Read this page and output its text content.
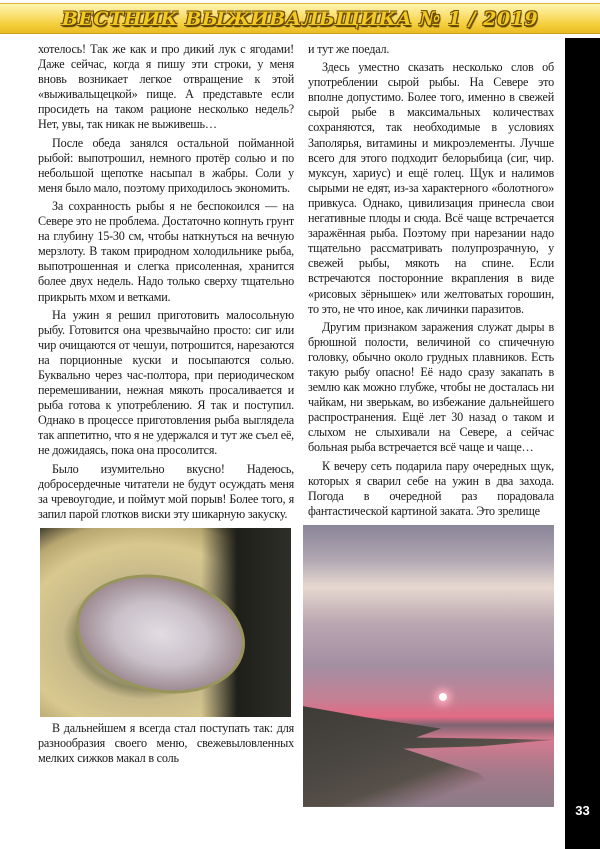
ВЕСТНИК ВЫЖИВАЛЬЩИКА № 1 / 2019
33

хотелось! Так же как и про дикий лук с ягодами! Даже сейчас, когда я пишу эти строки, у меня вновь возникает легкое отвращение к этой «выживальщецкой» пище. А представьте если просидеть на таком рационе несколько недель? Нет, увы, так никак не выживешь…

После обеда занялся остальной пойманной рыбой: выпотрошил, немного протёр солью и по небольшой щепотке насыпал в жабры. Соли у меня было мало, поэтому приходилось экономить.

За сохранность рыбы я не беспокоился — на Севере это не проблема. Достаточно копнуть грунт на глубину 15-30 см, чтобы наткнуться на вечную мерзлоту. В таком природном холодильнике рыба, выпотрошенная и слегка присоленная, хранится более двух недель. Надо только сверху тщательно прикрыть мхом и ветками.

На ужин я решил приготовить малосольную рыбу. Готовится она чрезвычайно просто: сиг или чир очищаются от чешуи, потрошится, нарезаются на порционные куски и посыпаются солью. Буквально через час-полтора, при периодическом перемешивании, нежная мякоть просаливается и рыба готова к употреблению. Я так и поступил. Однако в процессе приготовления рыба выглядела так аппетитно, что я не удержался и тут же съел её, не дожидаясь, пока она просолится.

Было изумительно вкусно! Надеюсь, добросердечные читатели не будут осуждать меня за чревоугодие, и поймут мой порыв! Более того, я запил парой глотков виски эту шикарную закуску.

В дальнейшем я всегда стал поступать так: для разнообразия своего меню, свежевыловленных мелких сижков макал в соль

и тут же поедал.

Здесь уместно сказать несколько слов об употреблении сырой рыбы. На Севере это вполне допустимо. Более того, именно в свежей сырой рыбе в максимальных количествах сохраняются, так необходимые в условиях Заполярья, витамины и микроэлементы. Лучше всего для этого подходит белорыбица (сиг, чир. муксун, хариус) и ещё голец. Щук и налимов сырыми не едят, из-за характерного «болотного» привкуса. Однако, цивилизация принесла свои негативные плоды и сюда. Всё чаще встречается заражённая рыба. Поэтому при нарезании надо тщательно рассматривать полупрозрачную, у свежей рыбы, мякоть на спине. Если встречаются посторонние вкрапления в виде «рисовых зёрнышек» или желтоватых горошин, то это, не что иное, как личинки паразитов.

Другим признаком заражения служат дыры в брюшной полости, величиной со спичечную головку, обычно около грудных плавников. Есть такую рыбу опасно! Её надо сразу закапать в землю как можно глубже, чтобы не досталась ни чайкам, ни зверькам, во избежание дальнейшего распространения. Ещё лет 30 назад о таком и слыхом не слыхивали на Севере, а сейчас больная рыба встречается всё чаще и чаще…

К вечеру сеть подарила пару очередных щук, которых я сварил себе на ужин в два захода. Погода в очередной раз порадовала фантастической картиной заката. Это зрелище
